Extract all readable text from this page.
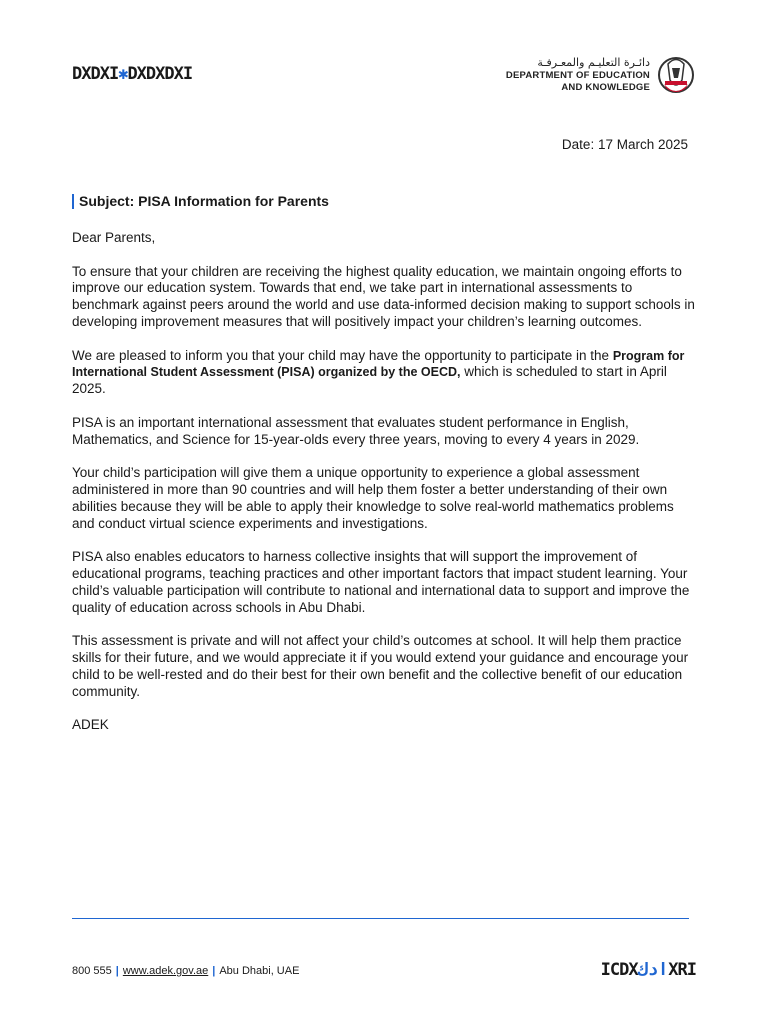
DXDXI✱DXDXDXI
دائـرة التعليـم والمعـرفـة
DEPARTMENT OF EDUCATION
AND KNOWLEDGE
Date: 17 March 2025
Subject: PISA Information for Parents

Dear Parents,

To ensure that your children are receiving the highest quality education, we maintain ongoing efforts to improve our education system. Towards that end, we take part in international assessments to benchmark against peers around the world and use data-informed decision making to support schools in developing improvement measures that will positively impact your children’s learning outcomes.

We are pleased to inform you that your child may have the opportunity to participate in the Program for International Student Assessment (PISA) organized by the OECD, which is scheduled to start in April 2025.

PISA is an important international assessment that evaluates student performance in English, Mathematics, and Science for 15-year-olds every three years, moving to every 4 years in 2029.

Your child’s participation will give them a unique opportunity to experience a global assessment administered in more than 90 countries and will help them foster a better understanding of their own abilities because they will be able to apply their knowledge to solve real-world mathematics problems and conduct virtual science experiments and investigations.

PISA also enables educators to harness collective insights that will support the improvement of educational programs, teaching practices and other important factors that impact student learning. Your child’s valuable participation will contribute to national and international data to support and improve the quality of education across schools in Abu Dhabi.

This assessment is private and will not affect your child’s outcomes at school. It will help them practice skills for their future, and we would appreciate it if you would extend your guidance and encourage your child to be well-rested and do their best for their own benefit and the collective benefit of our education community.

ADEK

800 555 | www.adek.gov.ae | Abu Dhabi, UAE	ICDXادكXRI
